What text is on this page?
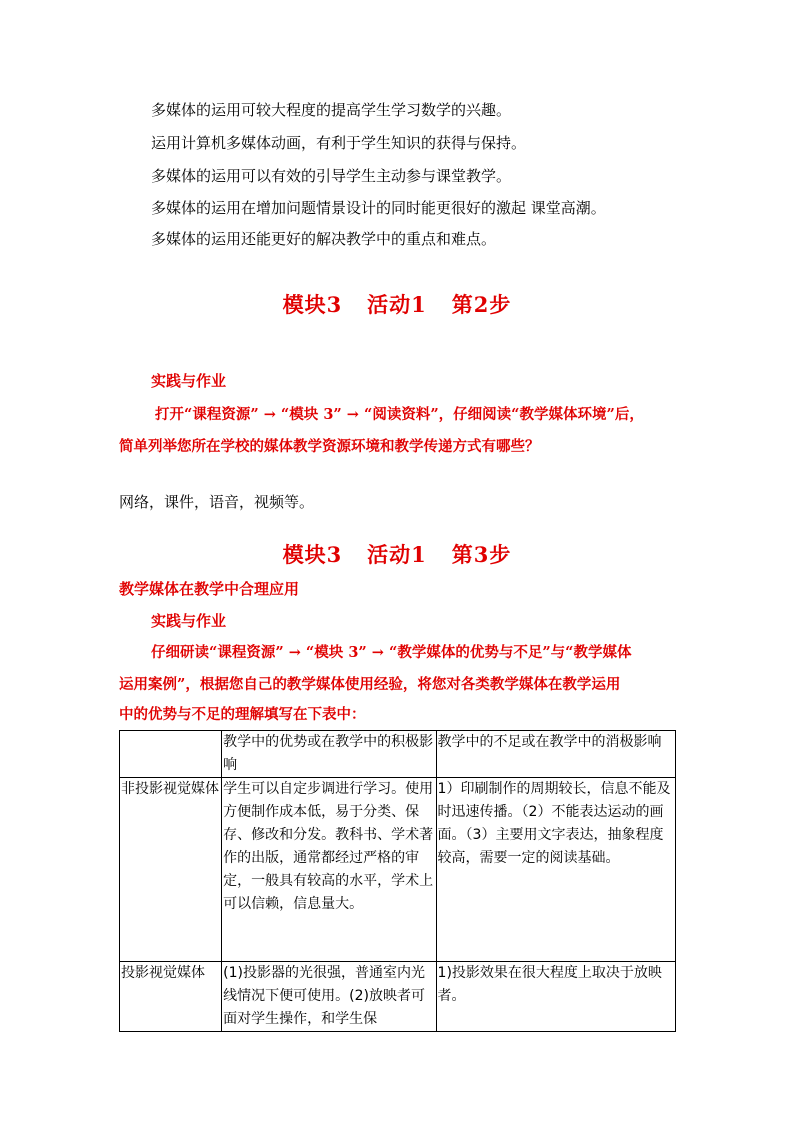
多媒体的运用可较大程度的提高学生学习数学的兴趣。
运用计算机多媒体动画，有利于学生知识的获得与保持。
多媒体的运用可以有效的引导学生主动参与课堂教学。
多媒体的运用在增加问题情景设计的同时能更很好的激起 课堂高潮。
多媒体的运用还能更好的解决教学中的重点和难点。
模块3   活动1   第2步
实践与作业
打开“课程资源” → “模块 3” → “阅读资料”，仔细阅读“教学媒体环境”后，
简单列举您所在学校的媒体教学资源环境和教学传递方式有哪些？
网络，课件，语音，视频等。
模块3   活动1   第3步
教学媒体在教学中合理应用
实践与作业
仔细研读“课程资源” → “模块 3” → “教学媒体的优势与不足”与“教学媒体
运用案例”，根据您自己的教学媒体使用经验，将您对各类教学媒体在教学运用
中的优势与不足的理解填写在下表中：
	教学中的优势或在教学中的积极影响	教学中的不足或在教学中的消极影响
非投影视觉媒体	学生可以自定步调进行学习。使用方便制作成本低，易于分类、保存、修改和分发。教科书、学术著作的出版，通常都经过严格的审定，一般具有较高的水平，学术上可以信赖，信息量大。	1）印刷制作的周期较长，信息不能及时迅速传播。（2）不能表达运动的画面。（3）主要用文字表达，抽象程度较高，需要一定的阅读基础。
投影视觉媒体	(1)投影器的光很强，普通室内光线情况下便可使用。(2)放映者可面对学生操作，和学生保	1)投影效果在很大程度上取决于放映者。
